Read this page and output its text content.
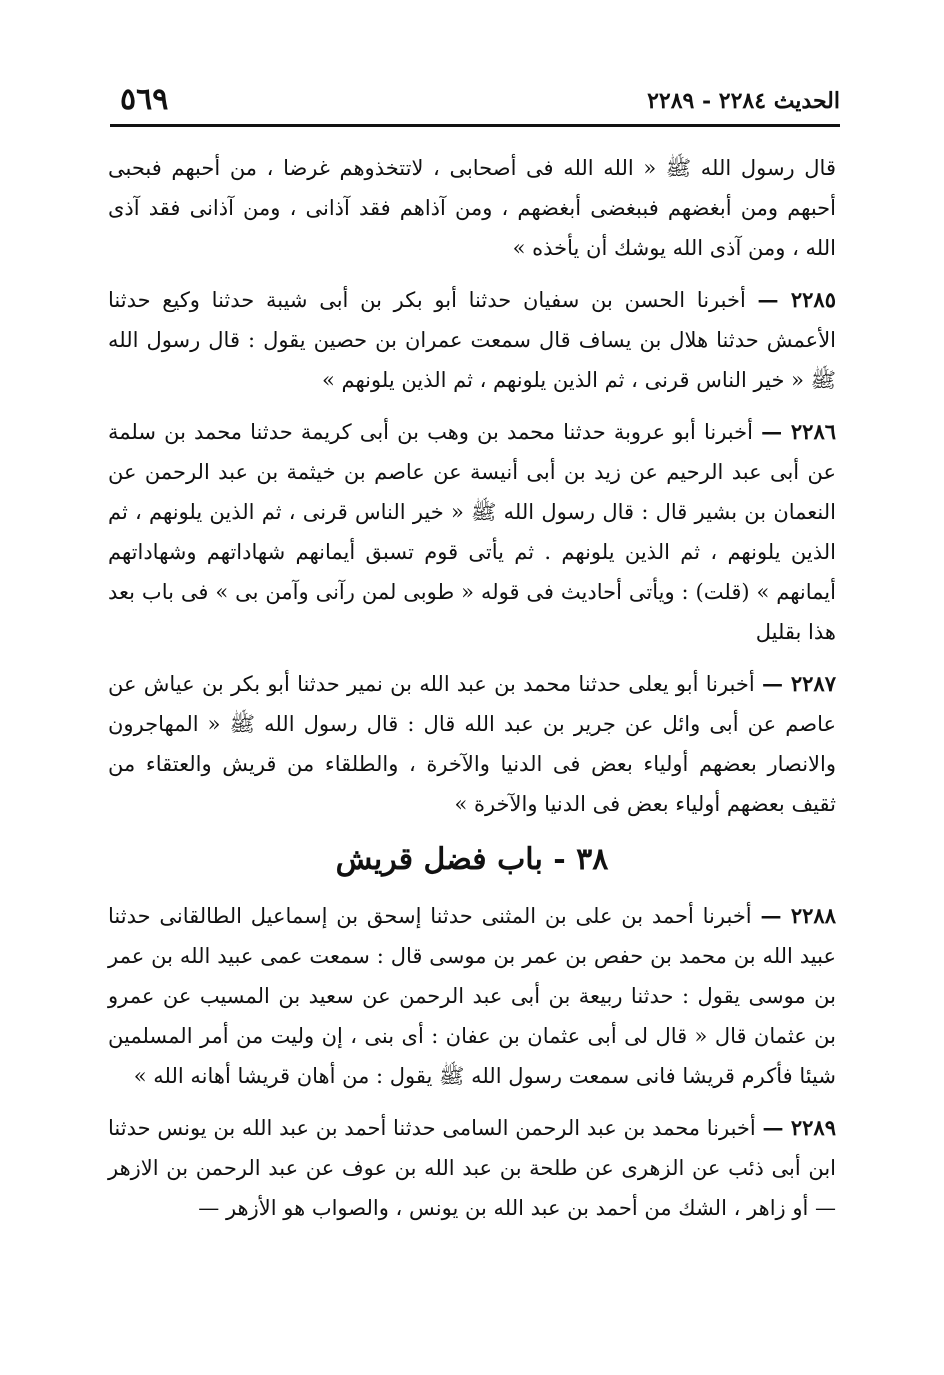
الحديث ٢٢٨٤ - ٢٢٨٩
٥٦٩

قال رسول الله ﷺ « الله الله فى أصحابى ، لاتتخذوهم غرضا ، من أحبهم فبحبى أحبهم ومن أبغضهم فببغضى أبغضهم ، ومن آذاهم فقد آذانى ، ومن آذانى فقد آذى الله ، ومن آذى الله يوشك أن يأخذه »

٢٢٨٥ — أخبرنا الحسن بن سفيان حدثنا أبو بكر بن أبى شيبة حدثنا وكيع حدثنا الأعمش حدثنا هلال بن يساف قال سمعت عمران بن حصين يقول : قال رسول الله ﷺ « خير الناس قرنى ، ثم الذين يلونهم ، ثم الذين يلونهم »

٢٢٨٦ — أخبرنا أبو عروبة حدثنا محمد بن وهب بن أبى كريمة حدثنا محمد بن سلمة عن أبى عبد الرحيم عن زيد بن أبى أنيسة عن عاصم بن خيثمة بن عبد الرحمن عن النعمان بن بشير قال : قال رسول الله ﷺ « خير الناس قرنى ، ثم الذين يلونهم ، ثم الذين يلونهم ، ثم الذين يلونهم . ثم يأتى قوم تسبق أيمانهم شهاداتهم وشهاداتهم أيمانهم » (قلت) : ويأتى أحاديث فى قوله « طوبى لمن رآنى وآمن بى » فى باب بعد هذا بقليل

٢٢٨٧ — أخبرنا أبو يعلى حدثنا محمد بن عبد الله بن نمير حدثنا أبو بكر بن عياش عن عاصم عن أبى وائل عن جرير بن عبد الله قال : قال رسول الله ﷺ « المهاجرون والانصار بعضهم أولياء بعض فى الدنيا والآخرة ، والطلقاء من قريش والعتقاء من ثقيف بعضهم أولياء بعض فى الدنيا والآخرة »

٣٨ - باب فضل قريش

٢٢٨٨ — أخبرنا أحمد بن على بن المثنى حدثنا إسحق بن إسماعيل الطالقانى حدثنا عبيد الله بن محمد بن حفص بن عمر بن موسى قال : سمعت عمى عبيد الله بن عمر بن موسى يقول : حدثنا ربيعة بن أبى عبد الرحمن عن سعيد بن المسيب عن عمرو بن عثمان قال « قال لى أبى عثمان بن عفان : أى بنى ، إن وليت من أمر المسلمين شيئا فأكرم قريشا فانى سمعت رسول الله ﷺ يقول : من أهان قريشا أهانه الله »

٢٢٨٩ — أخبرنا محمد بن عبد الرحمن السامى حدثنا أحمد بن عبد الله بن يونس حدثنا ابن أبى ذئب عن الزهرى عن طلحة بن عبد الله بن عوف عن عبد الرحمن بن الازهر — أو زاهر ، الشك من أحمد بن عبد الله بن يونس ، والصواب هو الأزهر —
